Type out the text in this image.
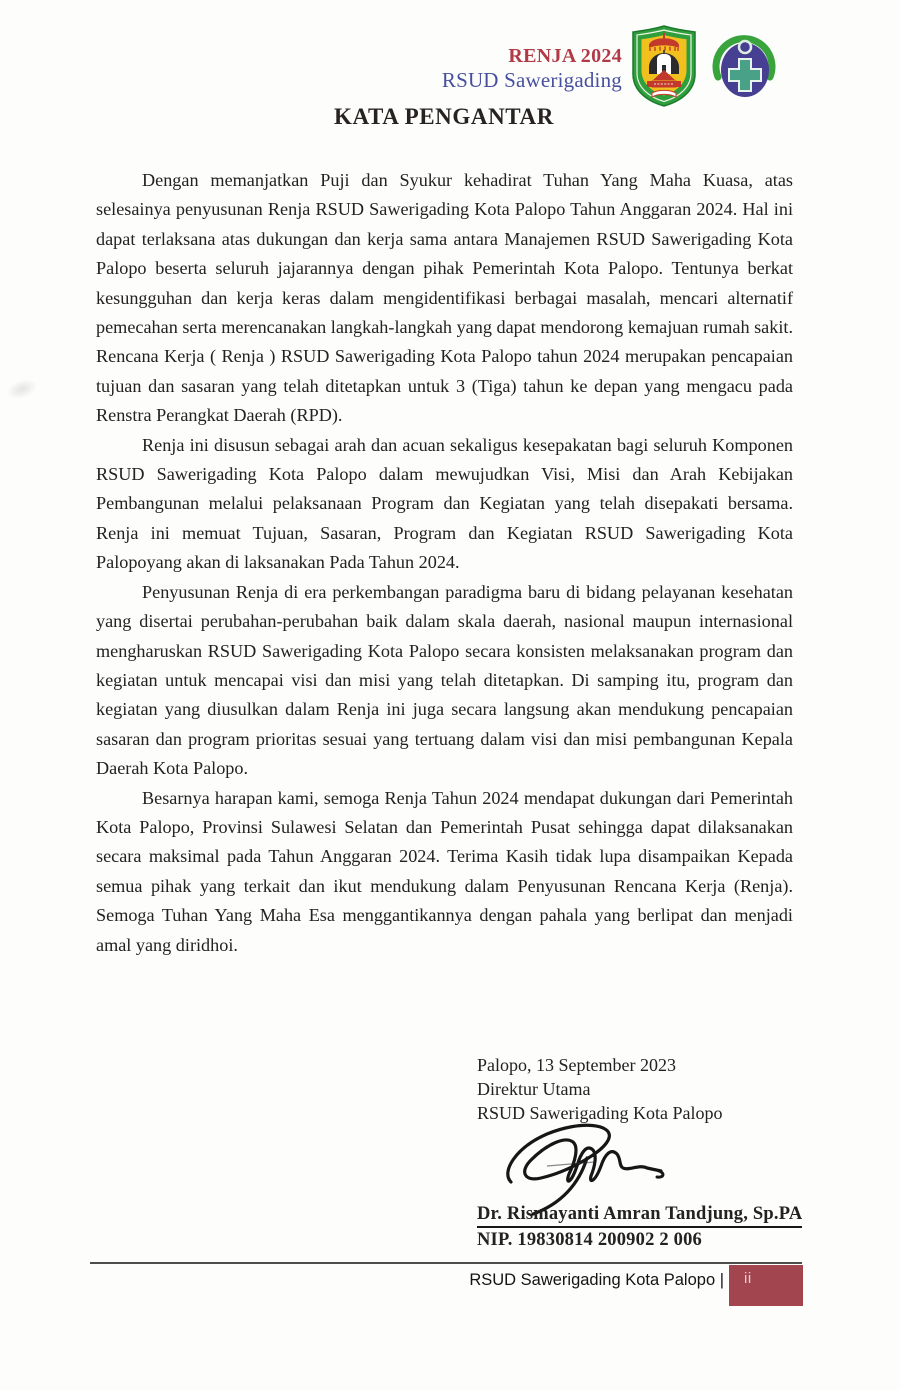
RENJA 2024
RSUD Sawerigading
KATA PENGANTAR

Dengan memanjatkan Puji dan Syukur kehadirat Tuhan Yang Maha Kuasa, atas selesainya penyusunan Renja RSUD Sawerigading Kota Palopo Tahun Anggaran 2024. Hal ini dapat terlaksana atas dukungan dan kerja sama antara Manajemen RSUD Sawerigading Kota Palopo beserta seluruh jajarannya dengan pihak Pemerintah Kota Palopo. Tentunya berkat kesungguhan dan kerja keras dalam mengidentifikasi berbagai masalah, mencari alternatif pemecahan serta merencanakan langkah-langkah yang dapat mendorong kemajuan rumah sakit. Rencana Kerja ( Renja ) RSUD Sawerigading Kota Palopo tahun 2024 merupakan pencapaian tujuan dan sasaran yang telah ditetapkan untuk 3 (Tiga) tahun ke depan yang mengacu pada Renstra Perangkat Daerah (RPD).

Renja ini disusun sebagai arah dan acuan sekaligus kesepakatan bagi seluruh Komponen RSUD Sawerigading Kota Palopo dalam mewujudkan Visi, Misi dan Arah Kebijakan Pembangunan melalui pelaksanaan Program dan Kegiatan yang telah disepakati bersama. Renja ini memuat Tujuan, Sasaran, Program dan Kegiatan RSUD Sawerigading Kota Palopoyang akan di laksanakan Pada Tahun 2024.

Penyusunan Renja di era perkembangan paradigma baru di bidang pelayanan kesehatan yang disertai perubahan-perubahan baik dalam skala daerah, nasional maupun internasional mengharuskan RSUD Sawerigading Kota Palopo secara konsisten melaksanakan program dan kegiatan untuk mencapai visi dan misi yang telah ditetapkan. Di samping itu, program dan kegiatan yang diusulkan dalam Renja ini juga secara langsung akan mendukung pencapaian sasaran dan program prioritas sesuai yang tertuang dalam visi dan misi pembangunan Kepala Daerah Kota Palopo.

Besarnya harapan kami, semoga Renja Tahun 2024 mendapat dukungan dari Pemerintah Kota Palopo, Provinsi Sulawesi Selatan dan Pemerintah Pusat sehingga dapat dilaksanakan secara maksimal pada Tahun Anggaran 2024. Terima Kasih tidak lupa disampaikan Kepada semua pihak yang terkait dan ikut mendukung dalam Penyusunan Rencana Kerja (Renja). Semoga Tuhan Yang Maha Esa menggantikannya dengan pahala yang berlipat dan menjadi amal yang diridhoi.

Palopo, 13 September 2023
Direktur Utama
RSUD Sawerigading Kota Palopo
Dr. Rismayanti Amran Tandjung, Sp.PA
NIP. 19830814 200902 2 006
RSUD Sawerigading Kota Palopo |	ii
